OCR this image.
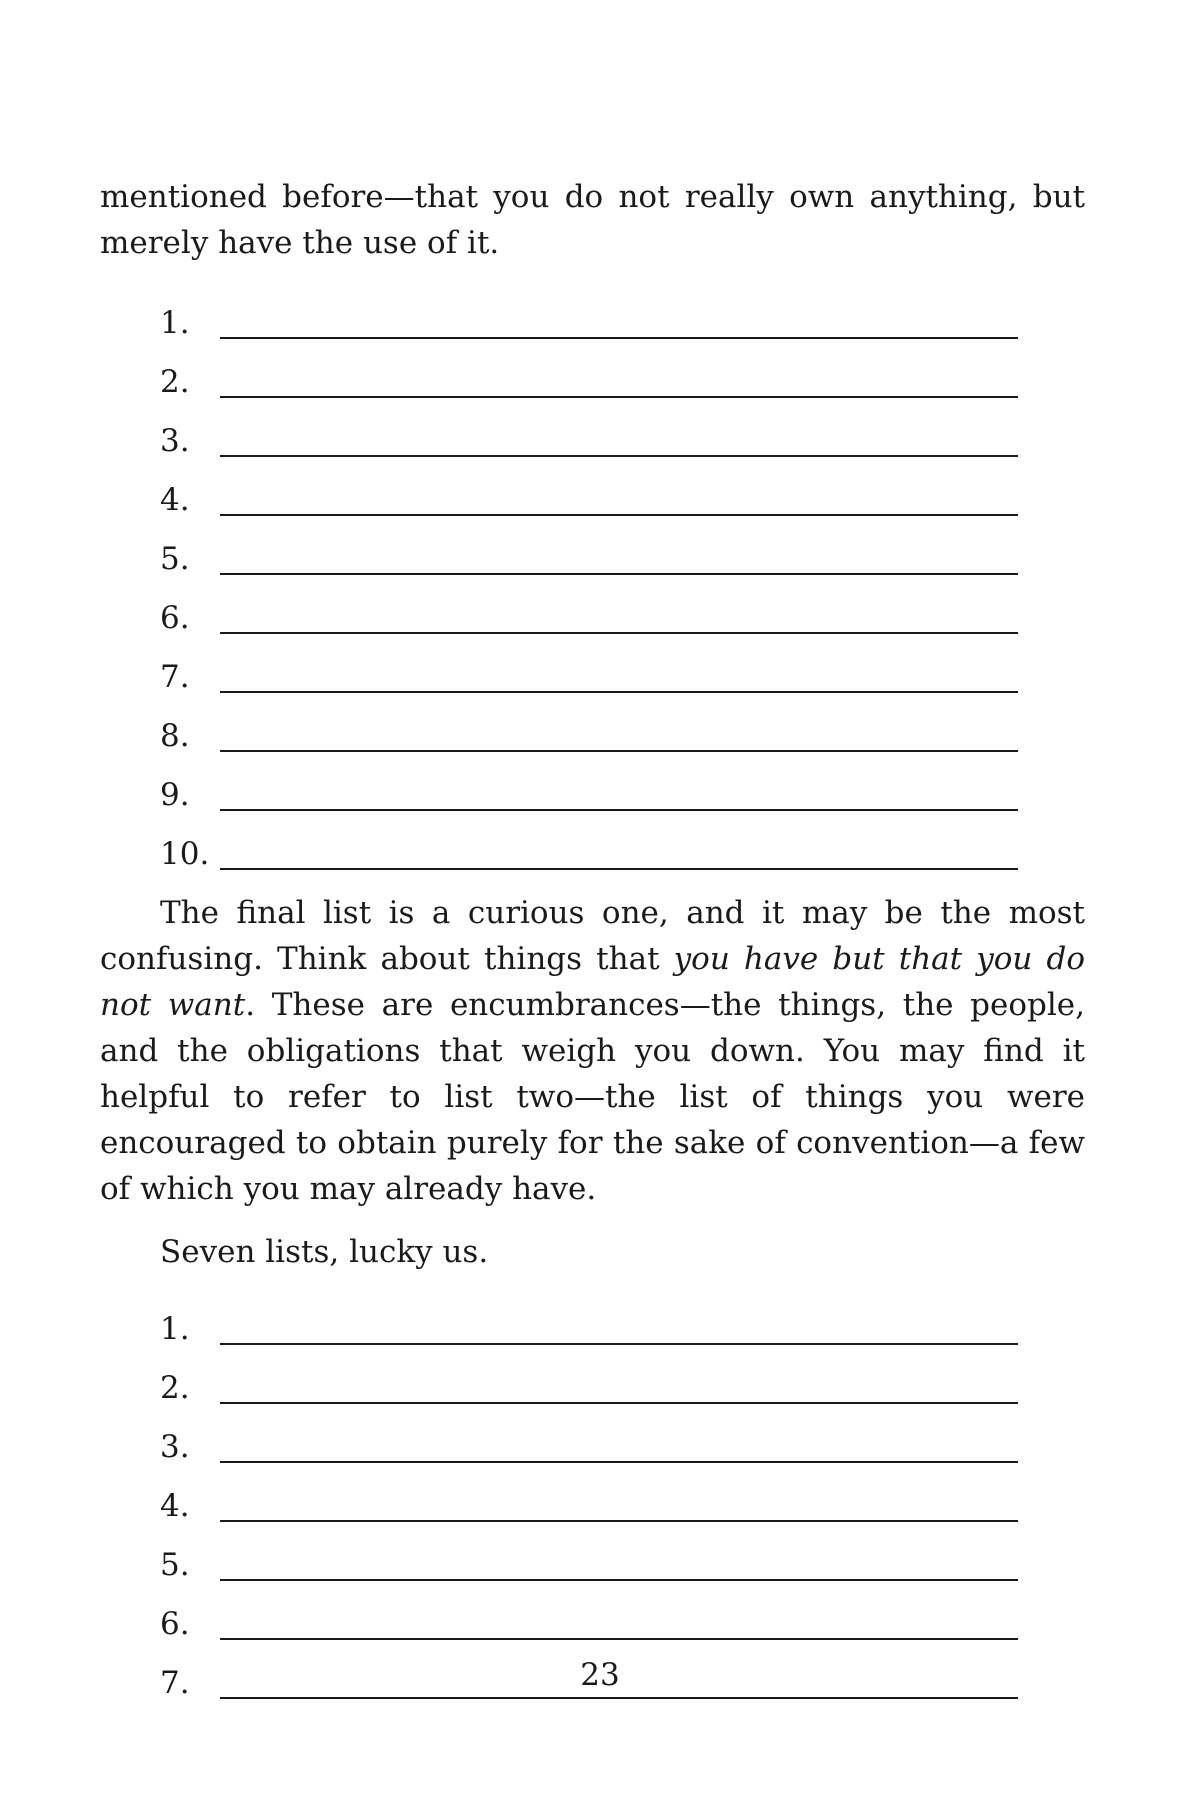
mentioned before—that you do not really own anything, but merely have the use of it.

1.
2.
3.
4.
5.
6.
7.
8.
9.
10.

The final list is a curious one, and it may be the most confusing. Think about things that you have but that you do not want. These are encumbrances—the things, the people, and the obligations that weigh you down. You may find it helpful to refer to list two—the list of things you were encouraged to obtain purely for the sake of convention—a few of which you may already have.

Seven lists, lucky us.

1.
2.
3.
4.
5.
6.
7.	23
